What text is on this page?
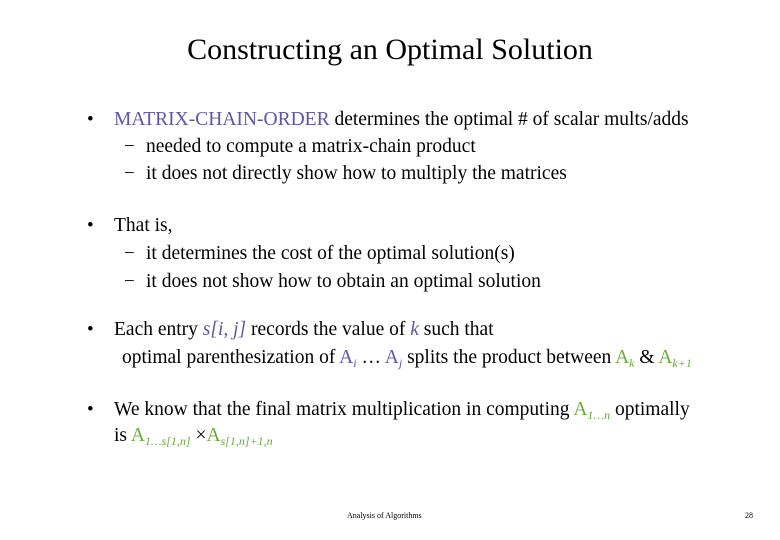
Constructing an Optimal Solution
• MATRIX-CHAIN-ORDER determines the optimal # of scalar mults/adds
− needed to compute a matrix-chain product
− it does not directly show how to multiply the matrices
• That is,
− it determines the cost of the optimal solution(s)
− it does not show how to obtain an optimal solution
• Each entry s[i, j] records the value of k such that
optimal parenthesization of $A_i$ … $A_j$ splits the product between $A_k$ & $A_{k+1}$
• We know that the final matrix multiplication in computing $A_{1\dots n}$ optimally
is $A_{1\dots s[1,n]} \times A_{s[1,n]+1,n}$
Analysis of Algorithms	28
